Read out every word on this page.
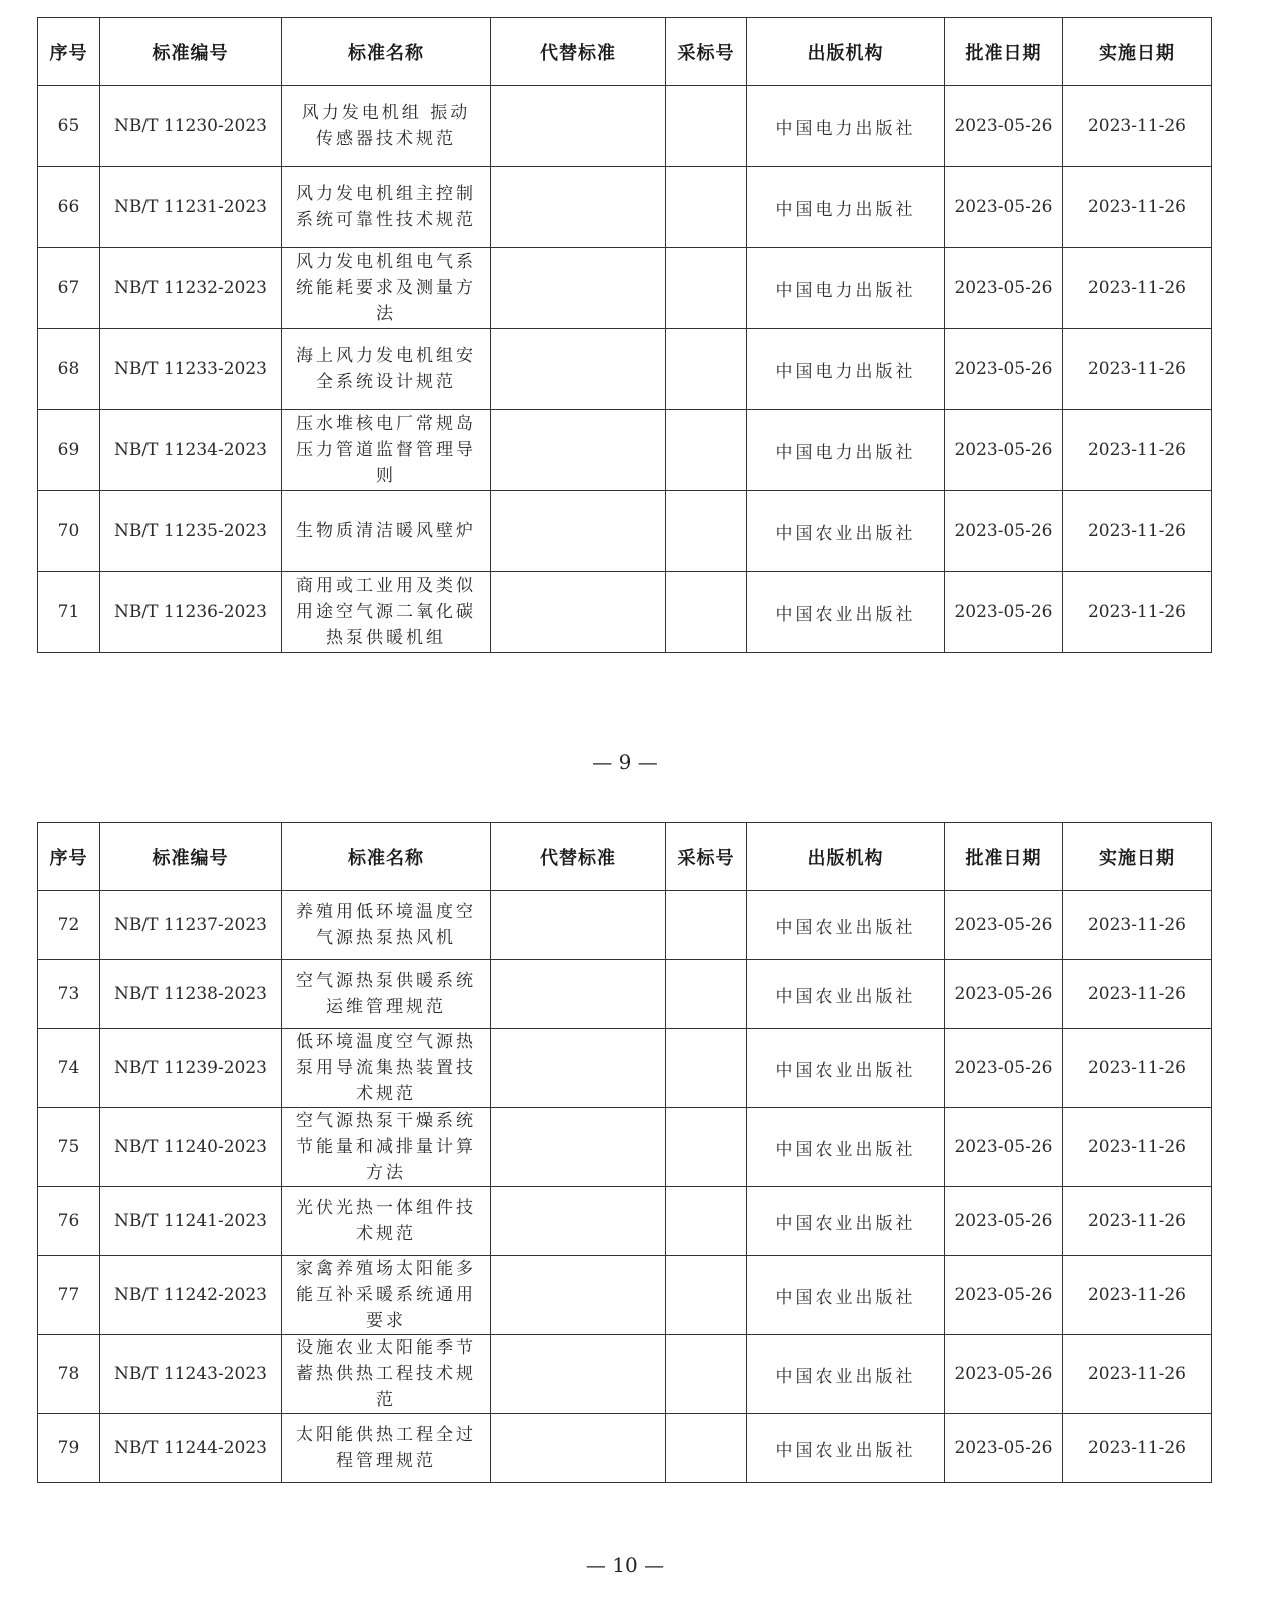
序号	标准编号	标准名称	代替标准	采标号	出版机构	批准日期	实施日期
65	NB/T 11230-2023	风力发电机组 振动传感器技术规范			中国电力出版社	2023-05-26	2023-11-26
66	NB/T 11231-2023	风力发电机组主控制系统可靠性技术规范			中国电力出版社	2023-05-26	2023-11-26
67	NB/T 11232-2023	风力发电机组电气系统能耗要求及测量方法			中国电力出版社	2023-05-26	2023-11-26
68	NB/T 11233-2023	海上风力发电机组安全系统设计规范			中国电力出版社	2023-05-26	2023-11-26
69	NB/T 11234-2023	压水堆核电厂常规岛压力管道监督管理导则			中国电力出版社	2023-05-26	2023-11-26
70	NB/T 11235-2023	生物质清洁暖风壁炉			中国农业出版社	2023-05-26	2023-11-26
71	NB/T 11236-2023	商用或工业用及类似用途空气源二氧化碳热泵供暖机组			中国农业出版社	2023-05-26	2023-11-26
— 9 —
序号	标准编号	标准名称	代替标准	采标号	出版机构	批准日期	实施日期
72	NB/T 11237-2023	养殖用低环境温度空气源热泵热风机			中国农业出版社	2023-05-26	2023-11-26
73	NB/T 11238-2023	空气源热泵供暖系统运维管理规范			中国农业出版社	2023-05-26	2023-11-26
74	NB/T 11239-2023	低环境温度空气源热泵用导流集热装置技术规范			中国农业出版社	2023-05-26	2023-11-26
75	NB/T 11240-2023	空气源热泵干燥系统节能量和减排量计算方法			中国农业出版社	2023-05-26	2023-11-26
76	NB/T 11241-2023	光伏光热一体组件技术规范			中国农业出版社	2023-05-26	2023-11-26
77	NB/T 11242-2023	家禽养殖场太阳能多能互补采暖系统通用要求			中国农业出版社	2023-05-26	2023-11-26
78	NB/T 11243-2023	设施农业太阳能季节蓄热供热工程技术规范			中国农业出版社	2023-05-26	2023-11-26
79	NB/T 11244-2023	太阳能供热工程全过程管理规范			中国农业出版社	2023-05-26	2023-11-26
— 10 —
